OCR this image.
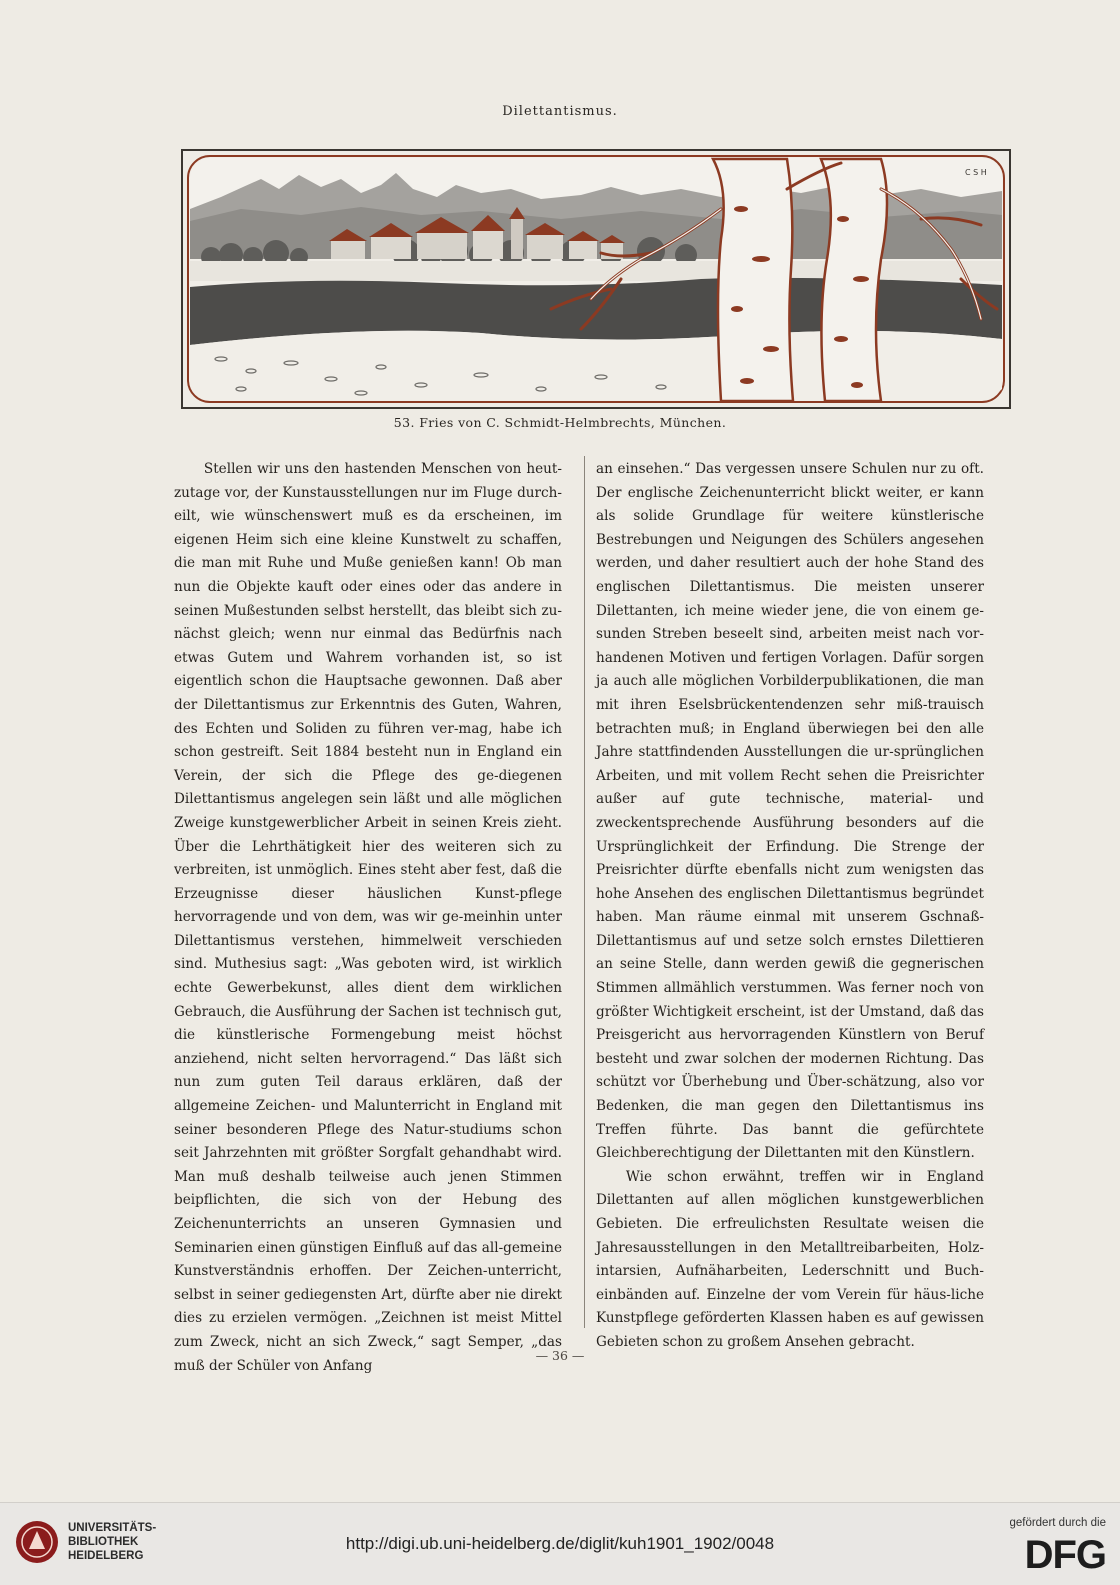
Dilettantismus.
C S H
53. Fries von C. Schmidt-Helmbrechts, München.

Stellen wir uns den hastenden Menschen von heut-zutage vor, der Kunstausstellungen nur im Fluge durch-eilt, wie wünschenswert muß es da erscheinen, im eigenen Heim sich eine kleine Kunstwelt zu schaffen, die man mit Ruhe und Muße genießen kann! Ob man nun die Objekte kauft oder eines oder das andere in seinen Mußestunden selbst herstellt, das bleibt sich zu-nächst gleich; wenn nur einmal das Bedürfnis nach etwas Gutem und Wahrem vorhanden ist, so ist eigentlich schon die Hauptsache gewonnen. Daß aber der Dilettantismus zur Erkenntnis des Guten, Wahren, des Echten und Soliden zu führen ver-mag, habe ich schon gestreift. Seit 1884 besteht nun in England ein Verein, der sich die Pflege des ge-diegenen Dilettantismus angelegen sein läßt und alle möglichen Zweige kunstgewerblicher Arbeit in seinen Kreis zieht. Über die Lehrthätigkeit hier des weiteren sich zu verbreiten, ist unmöglich. Eines steht aber fest, daß die Erzeugnisse dieser häuslichen Kunst-pflege hervorragende und von dem, was wir ge-meinhin unter Dilettantismus verstehen, himmelweit verschieden sind. Muthesius sagt: „Was geboten wird, ist wirklich echte Gewerbekunst, alles dient dem wirklichen Gebrauch, die Ausführung der Sachen ist technisch gut, die künstlerische Formengebung meist höchst anziehend, nicht selten hervorragend.“ Das läßt sich nun zum guten Teil daraus erklären, daß der allgemeine Zeichen- und Malunterricht in England mit seiner besonderen Pflege des Natur-studiums schon seit Jahrzehnten mit größter Sorgfalt gehandhabt wird. Man muß deshalb teilweise auch jenen Stimmen beipflichten, die sich von der Hebung des Zeichenunterrichts an unseren Gymnasien und Seminarien einen günstigen Einfluß auf das all-gemeine Kunstverständnis erhoffen. Der Zeichen-unterricht, selbst in seiner gediegensten Art, dürfte aber nie direkt dies zu erzielen vermögen. „Zeichnen ist meist Mittel zum Zweck, nicht an sich Zweck,“ sagt Semper, „das muß der Schüler von Anfang

an einsehen.“ Das vergessen unsere Schulen nur zu oft. Der englische Zeichenunterricht blickt weiter, er kann als solide Grundlage für weitere künstlerische Bestrebungen und Neigungen des Schülers angesehen werden, und daher resultiert auch der hohe Stand des englischen Dilettantismus. Die meisten unserer Dilettanten, ich meine wieder jene, die von einem ge-sunden Streben beseelt sind, arbeiten meist nach vor-handenen Motiven und fertigen Vorlagen. Dafür sorgen ja auch alle möglichen Vorbilderpublikationen, die man mit ihren Eselsbrückentendenzen sehr miß-trauisch betrachten muß; in England überwiegen bei den alle Jahre stattfindenden Ausstellungen die ur-sprünglichen Arbeiten, und mit vollem Recht sehen die Preisrichter außer auf gute technische, material- und zweckentsprechende Ausführung besonders auf die Ursprünglichkeit der Erfindung. Die Strenge der Preisrichter dürfte ebenfalls nicht zum wenigsten das hohe Ansehen des englischen Dilettantismus begründet haben. Man räume einmal mit unserem Gschnaß-Dilettantismus auf und setze solch ernstes Dilettieren an seine Stelle, dann werden gewiß die gegnerischen Stimmen allmählich verstummen. Was ferner noch von größter Wichtigkeit erscheint, ist der Umstand, daß das Preisgericht aus hervorragenden Künstlern von Beruf besteht und zwar solchen der modernen Richtung. Das schützt vor Überhebung und Über-schätzung, also vor Bedenken, die man gegen den Dilettantismus ins Treffen führte. Das bannt die gefürchtete Gleichberechtigung der Dilettanten mit den Künstlern.

Wie schon erwähnt, treffen wir in England Dilettanten auf allen möglichen kunstgewerblichen Gebieten. Die erfreulichsten Resultate weisen die Jahresausstellungen in den Metalltreibarbeiten, Holz-intarsien, Aufnäharbeiten, Lederschnitt und Buch-einbänden auf. Einzelne der vom Verein für häus-liche Kunstpflege geförderten Klassen haben es auf gewissen Gebieten schon zu großem Ansehen gebracht.

— 36 —
UNIVERSITÄTS-
BIBLIOTHEK
HEIDELBERG
http://digi.ub.uni-heidelberg.de/diglit/kuh1901_1902/0048
gefördert durch die
DFG
